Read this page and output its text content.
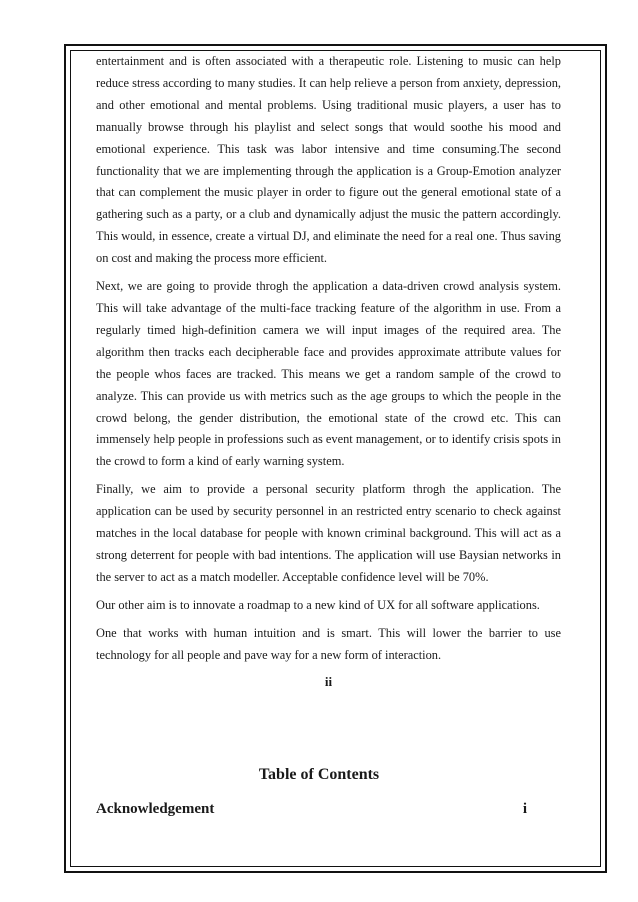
entertainment and is often associated with a therapeutic role. Listening to music can help reduce stress according to many studies. It can help relieve a person from anxiety, depression, and other emotional and mental problems. Using traditional music players, a user has to manually browse through his playlist and select songs that would soothe his mood and emotional experience. This task was labor intensive and time consuming.The second functionality that we are implementing through the application is a Group-Emotion analyzer that can complement the music player in order to figure out the general emotional state of a gathering such as a party, or a club and dynamically adjust the music the pattern accordingly. This would, in essence, create a virtual DJ, and eliminate the need for a real one. Thus saving on cost and making the process more efficient.

Next, we are going to provide throgh the application a data-driven crowd analysis system. This will take advantage of the multi-face tracking feature of the algorithm in use. From a regularly timed high-definition camera we will input images of the required area. The algorithm then tracks each decipherable face and provides approximate attribute values for the people whos faces are tracked. This means we get a random sample of the crowd to analyze. This can provide us with metrics such as the age groups to which the people in the crowd belong, the gender distribution, the emotional state of the crowd etc. This can immensely help people in professions such as event management, or to identify crisis spots in the crowd to form a kind of early warning system.

Finally, we aim to provide a personal security platform throgh the application. The application can be used by security personnel in an restricted entry scenario to check against matches in the local database for people with known criminal background. This will act as a strong deterrent for people with bad intentions. The application will use Baysian networks in the server to act as a match modeller. Acceptable confidence level will be 70%.

Our other aim is to innovate a roadmap to a new kind of UX for all software applications.

One that works with human intuition and is smart. This will lower the barrier to use technology for all people and pave way for a new form of interaction.

ii
Table of Contents
Acknowledgement	i
